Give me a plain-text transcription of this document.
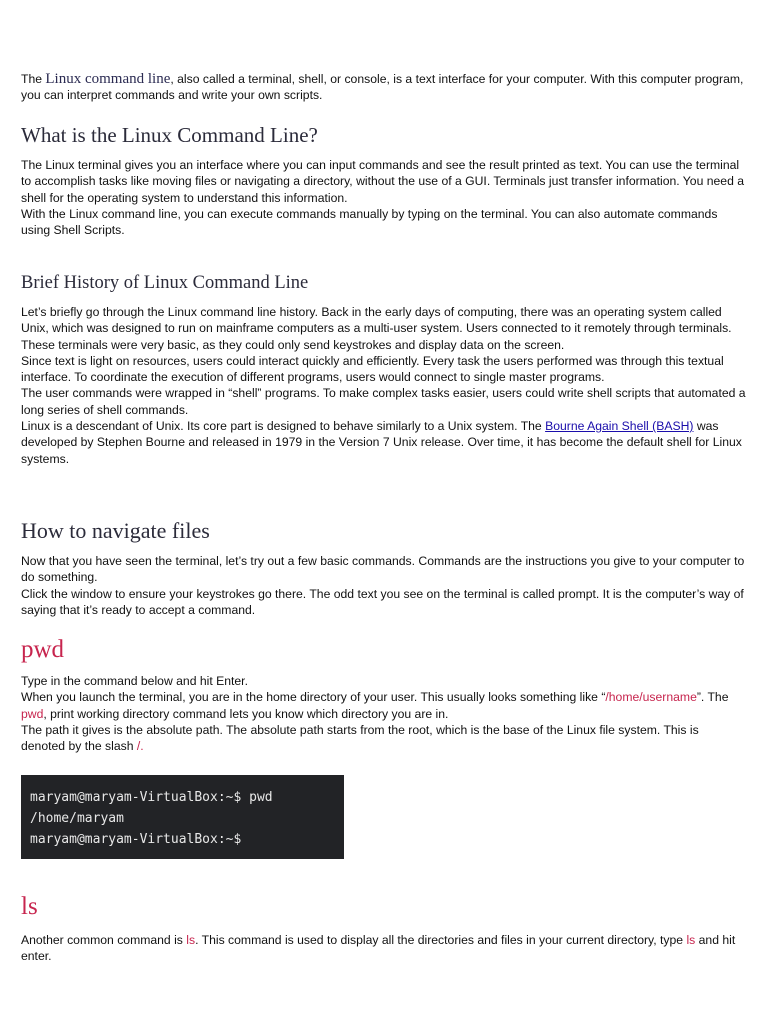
The Linux command line, also called a terminal, shell, or console, is a text interface for your computer. With this computer program, you can interpret commands and write your own scripts.

What is the Linux Command Line?

The Linux terminal gives you an interface where you can input commands and see the result printed as text. You can use the terminal to accomplish tasks like moving files or navigating a directory, without the use of a GUI. Terminals just transfer information. You need a shell for the operating system to understand this information.

With the Linux command line, you can execute commands manually by typing on the terminal. You can also automate commands using Shell Scripts.

Brief History of Linux Command Line

Let’s briefly go through the Linux command line history. Back in the early days of computing, there was an operating system called Unix, which was designed to run on mainframe computers as a multi-user system. Users connected to it remotely through terminals.

These terminals were very basic, as they could only send keystrokes and display data on the screen.

Since text is light on resources, users could interact quickly and efficiently. Every task the users performed was through this textual interface. To coordinate the execution of different programs, users would connect to single master programs.

The user commands were wrapped in “shell” programs. To make complex tasks easier, users could write shell scripts that automated a long series of shell commands.

Linux is a descendant of Unix. Its core part is designed to behave similarly to a Unix system. The Bourne Again Shell (BASH) was developed by Stephen Bourne and released in 1979 in the Version 7 Unix release. Over time, it has become the default shell for Linux systems.

How to navigate files

Now that you have seen the terminal, let’s try out a few basic commands. Commands are the instructions you give to your computer to do something.

Click the window to ensure your keystrokes go there. The odd text you see on the terminal is called prompt. It is the computer’s way of saying that it’s ready to accept a command.

pwd

Type in the command below and hit Enter.

When you launch the terminal, you are in the home directory of your user. This usually looks something like “/home/username”. The pwd, print working directory command lets you know which directory you are in.

The path it gives is the absolute path. The absolute path starts from the root, which is the base of the Linux file system. This is denoted by the slash /.

maryam@maryam-VirtualBox:~$ pwd
/home/maryam
maryam@maryam-VirtualBox:~$
ls

Another common command is ls. This command is used to display all the directories and files in your current directory, type ls and hit enter.
